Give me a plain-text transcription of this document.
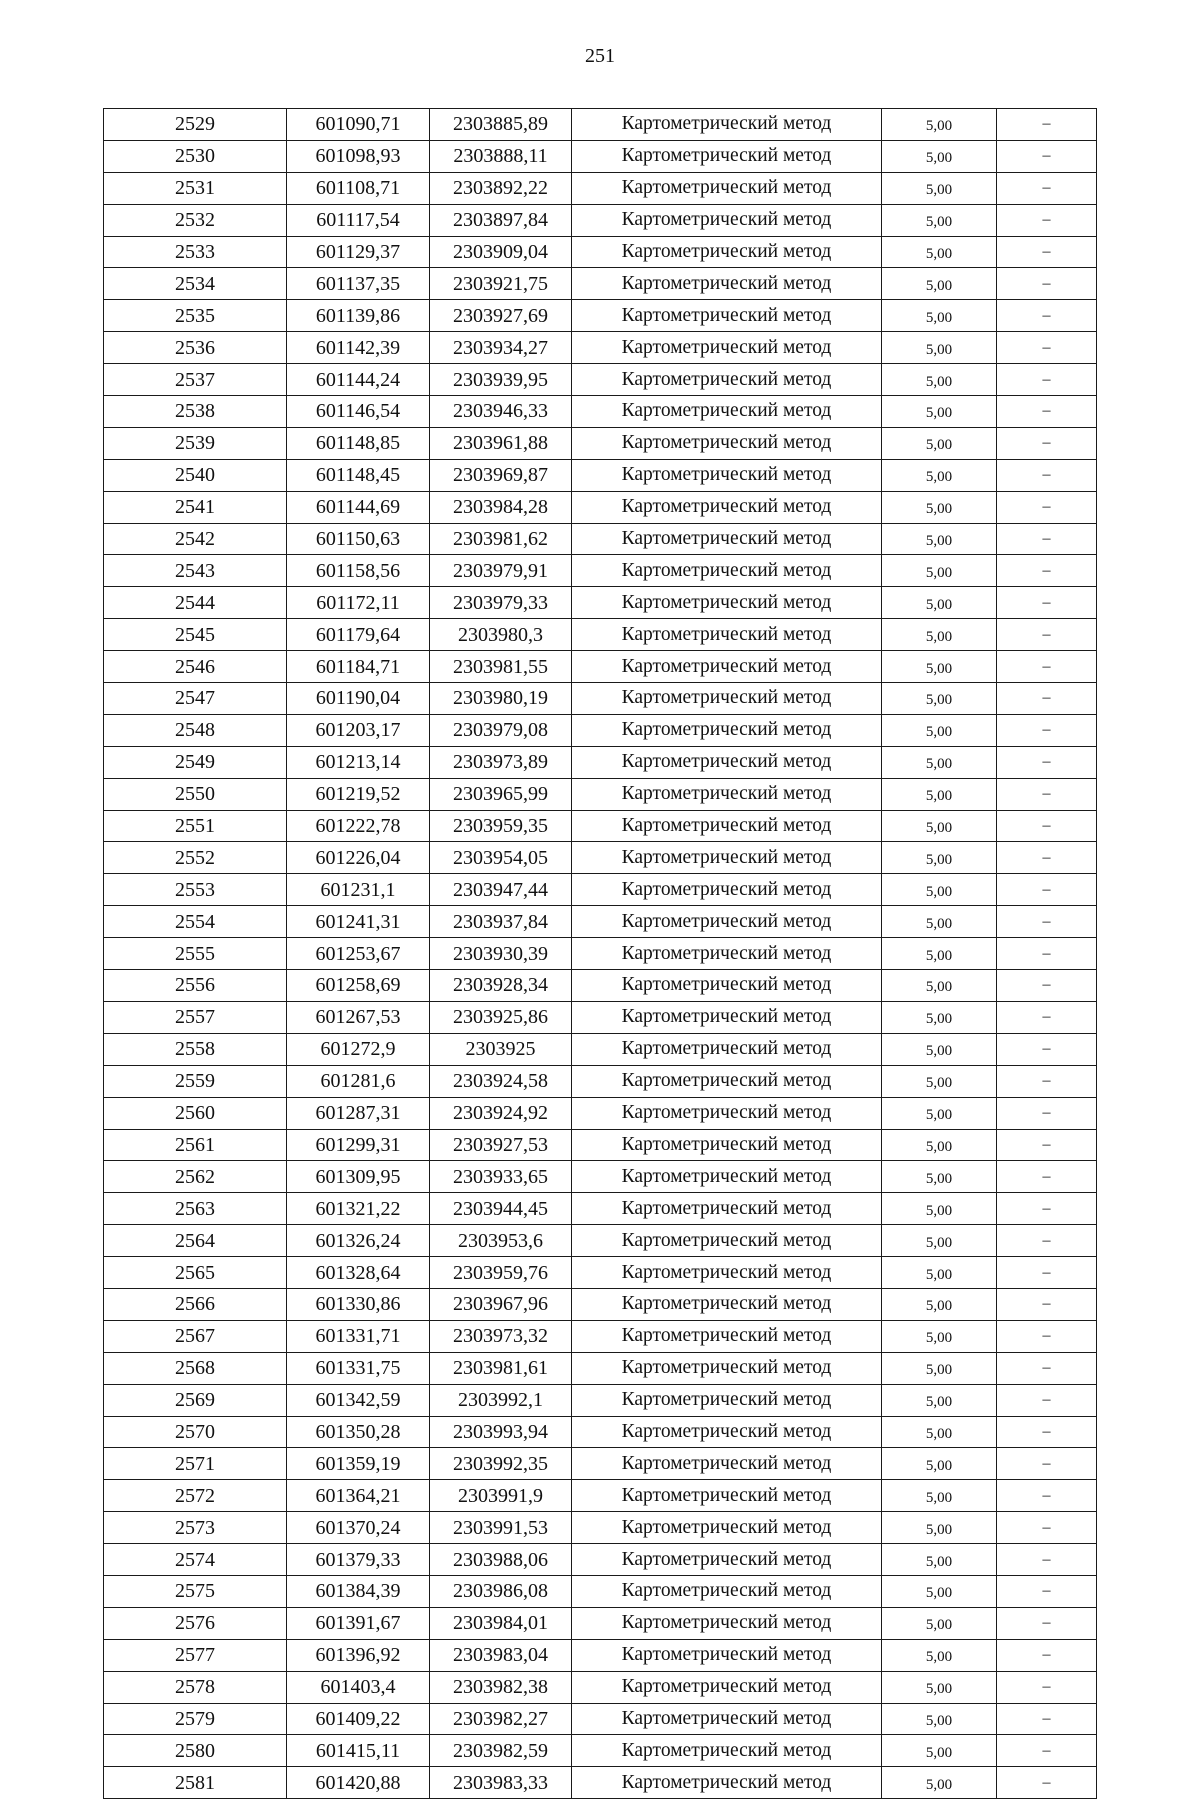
251
2529	601090,71	2303885,89	Картометрический метод	5,00	–
2530	601098,93	2303888,11	Картометрический метод	5,00	–
2531	601108,71	2303892,22	Картометрический метод	5,00	–
2532	601117,54	2303897,84	Картометрический метод	5,00	–
2533	601129,37	2303909,04	Картометрический метод	5,00	–
2534	601137,35	2303921,75	Картометрический метод	5,00	–
2535	601139,86	2303927,69	Картометрический метод	5,00	–
2536	601142,39	2303934,27	Картометрический метод	5,00	–
2537	601144,24	2303939,95	Картометрический метод	5,00	–
2538	601146,54	2303946,33	Картометрический метод	5,00	–
2539	601148,85	2303961,88	Картометрический метод	5,00	–
2540	601148,45	2303969,87	Картометрический метод	5,00	–
2541	601144,69	2303984,28	Картометрический метод	5,00	–
2542	601150,63	2303981,62	Картометрический метод	5,00	–
2543	601158,56	2303979,91	Картометрический метод	5,00	–
2544	601172,11	2303979,33	Картометрический метод	5,00	–
2545	601179,64	2303980,3	Картометрический метод	5,00	–
2546	601184,71	2303981,55	Картометрический метод	5,00	–
2547	601190,04	2303980,19	Картометрический метод	5,00	–
2548	601203,17	2303979,08	Картометрический метод	5,00	–
2549	601213,14	2303973,89	Картометрический метод	5,00	–
2550	601219,52	2303965,99	Картометрический метод	5,00	–
2551	601222,78	2303959,35	Картометрический метод	5,00	–
2552	601226,04	2303954,05	Картометрический метод	5,00	–
2553	601231,1	2303947,44	Картометрический метод	5,00	–
2554	601241,31	2303937,84	Картометрический метод	5,00	–
2555	601253,67	2303930,39	Картометрический метод	5,00	–
2556	601258,69	2303928,34	Картометрический метод	5,00	–
2557	601267,53	2303925,86	Картометрический метод	5,00	–
2558	601272,9	2303925	Картометрический метод	5,00	–
2559	601281,6	2303924,58	Картометрический метод	5,00	–
2560	601287,31	2303924,92	Картометрический метод	5,00	–
2561	601299,31	2303927,53	Картометрический метод	5,00	–
2562	601309,95	2303933,65	Картометрический метод	5,00	–
2563	601321,22	2303944,45	Картометрический метод	5,00	–
2564	601326,24	2303953,6	Картометрический метод	5,00	–
2565	601328,64	2303959,76	Картометрический метод	5,00	–
2566	601330,86	2303967,96	Картометрический метод	5,00	–
2567	601331,71	2303973,32	Картометрический метод	5,00	–
2568	601331,75	2303981,61	Картометрический метод	5,00	–
2569	601342,59	2303992,1	Картометрический метод	5,00	–
2570	601350,28	2303993,94	Картометрический метод	5,00	–
2571	601359,19	2303992,35	Картометрический метод	5,00	–
2572	601364,21	2303991,9	Картометрический метод	5,00	–
2573	601370,24	2303991,53	Картометрический метод	5,00	–
2574	601379,33	2303988,06	Картометрический метод	5,00	–
2575	601384,39	2303986,08	Картометрический метод	5,00	–
2576	601391,67	2303984,01	Картометрический метод	5,00	–
2577	601396,92	2303983,04	Картометрический метод	5,00	–
2578	601403,4	2303982,38	Картометрический метод	5,00	–
2579	601409,22	2303982,27	Картометрический метод	5,00	–
2580	601415,11	2303982,59	Картометрический метод	5,00	–
2581	601420,88	2303983,33	Картометрический метод	5,00	–
